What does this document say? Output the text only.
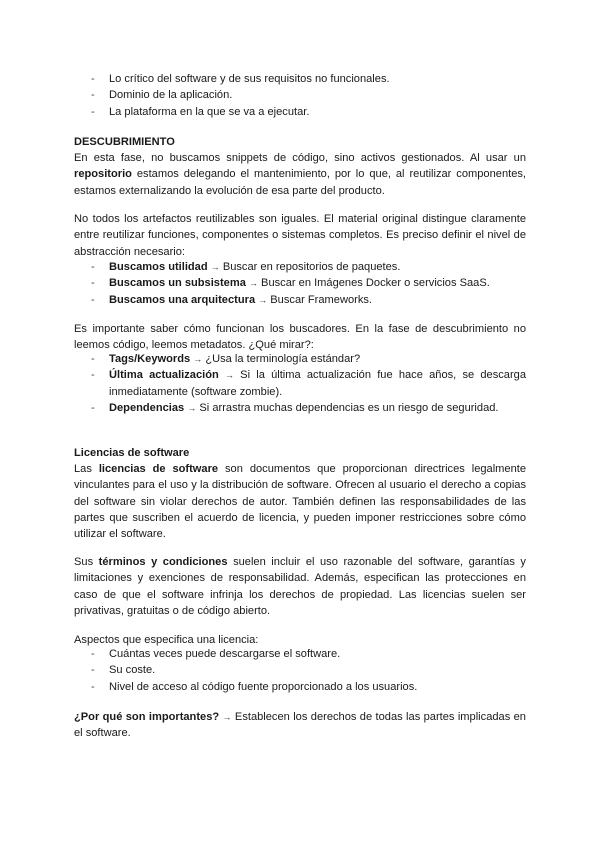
- Lo crítico del software y de sus requisitos no funcionales.
- Dominio de la aplicación.
- La plataforma en la que se va a ejecutar.

DESCUBRIMIENTO

En esta fase, no buscamos snippets de código, sino activos gestionados. Al usar un repositorio estamos delegando el mantenimiento, por lo que, al reutilizar componentes, estamos externalizando la evolución de esa parte del producto.

No todos los artefactos reutilizables son iguales. El material original distingue claramente entre reutilizar funciones, componentes o sistemas completos. Es preciso definir el nivel de abstracción necesario:

- Buscamos utilidad → Buscar en repositorios de paquetes.
- Buscamos un subsistema → Buscar en Imágenes Docker o servicios SaaS.
- Buscamos una arquitectura → Buscar Frameworks.

Es importante saber cómo funcionan los buscadores. En la fase de descubrimiento no leemos código, leemos metadatos. ¿Qué mirar?:

- Tags/Keywords → ¿Usa la terminología estándar?
- Última actualización → Si la última actualización fue hace años, se descarga inmediatamente (software zombie).
- Dependencias → Si arrastra muchas dependencias es un riesgo de seguridad.

Licencias de software

Las licencias de software son documentos que proporcionan directrices legalmente vinculantes para el uso y la distribución de software. Ofrecen al usuario el derecho a copias del software sin violar derechos de autor. También definen las responsabilidades de las partes que suscriben el acuerdo de licencia, y pueden imponer restricciones sobre cómo utilizar el software.

Sus términos y condiciones suelen incluir el uso razonable del software, garantías y limitaciones y exenciones de responsabilidad. Además, especifican las protecciones en caso de que el software infrinja los derechos de propiedad. Las licencias suelen ser privativas, gratuitas o de código abierto.

Aspectos que especifica una licencia:

- Cuántas veces puede descargarse el software.
- Su coste.
- Nivel de acceso al código fuente proporcionado a los usuarios.

¿Por qué son importantes? → Establecen los derechos de todas las partes implicadas en el software.
